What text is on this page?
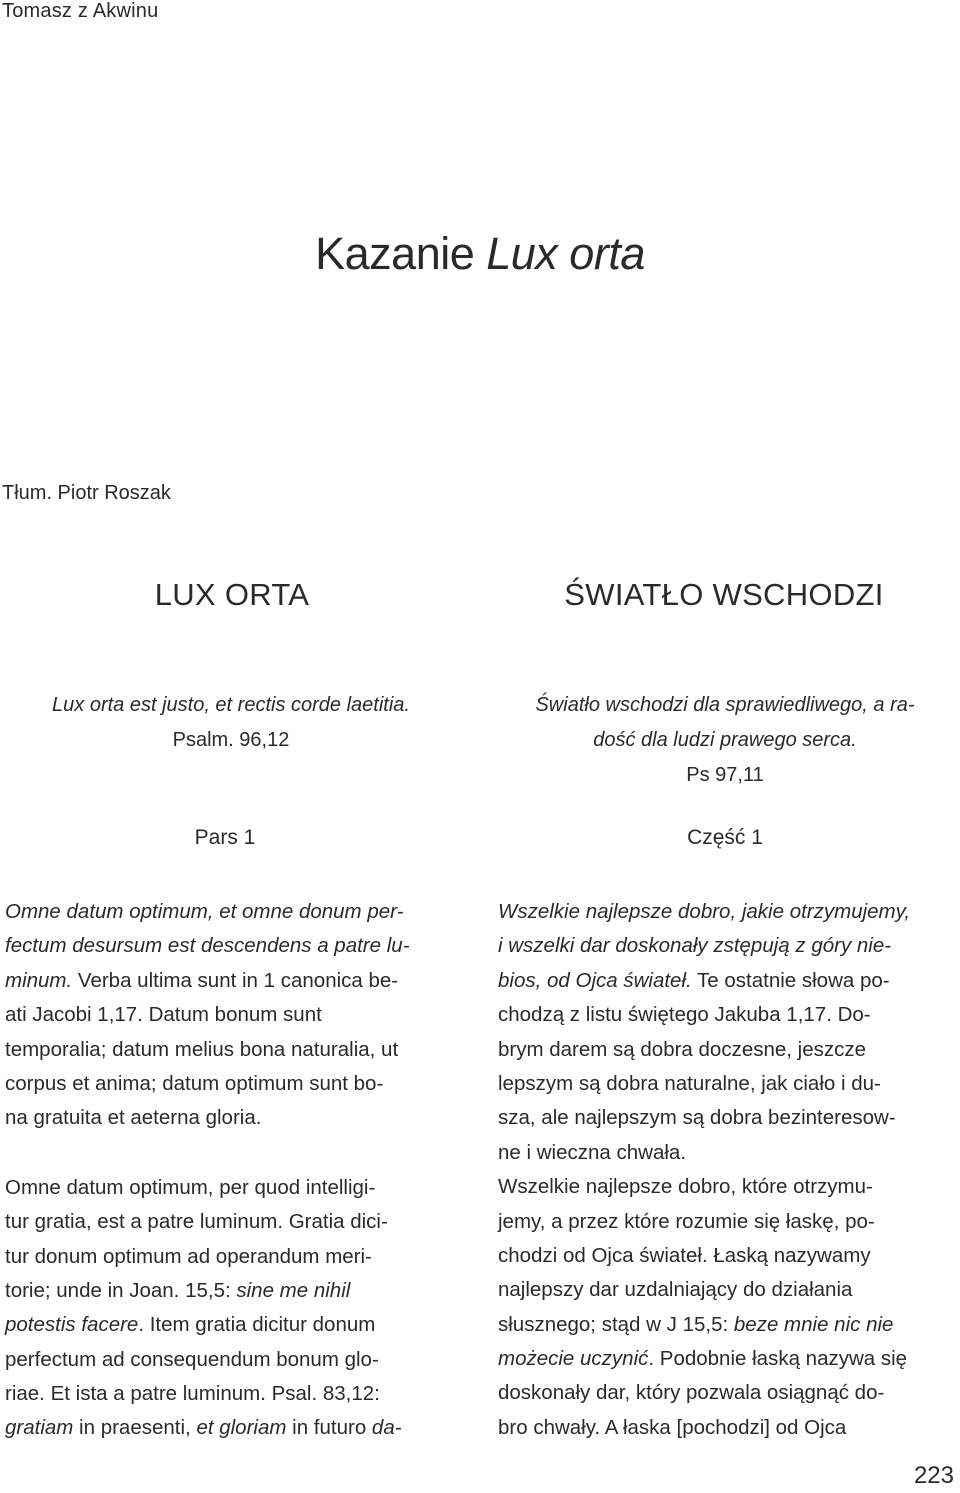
Tomasz z Akwinu
Kazanie Lux orta
Tłum. Piotr Roszak
LUX ORTA	ŚWIATŁO WSCHODZI
Lux orta est justo, et rectis corde laetitia.
Psalm. 96,12
Światło wschodzi dla sprawiedliwego, a ra-
dość dla ludzi prawego serca.
Ps 97,11
Pars 1	Część 1
Omne datum optimum, et omne donum per-
fectum desursum est descendens a patre lu-
minum. Verba ultima sunt in 1 canonica be-
ati Jacobi 1,17. Datum bonum sunt
temporalia; datum melius bona naturalia, ut
corpus et anima; datum optimum sunt bo-
na gratuita et aeterna gloria.
Omne datum optimum, per quod intelligi-
tur gratia, est a patre luminum. Gratia dici-
tur donum optimum ad operandum meri-
torie; unde in Joan. 15,5: sine me nihil
potestis facere. Item gratia dicitur donum
perfectum ad consequendum bonum glo-
riae. Et ista a patre luminum. Psal. 83,12:
gratiam in praesenti, et gloriam in futuro da-
Wszelkie najlepsze dobro, jakie otrzymujemy,
i wszelki dar doskonały zstępują z góry nie-
bios, od Ojca świateł. Te ostatnie słowa po-
chodzą z listu świętego Jakuba 1,17. Do-
brym darem są dobra doczesne, jeszcze
lepszym są dobra naturalne, jak ciało i du-
sza, ale najlepszym są dobra bezinteresow-
ne i wieczna chwała.
Wszelkie najlepsze dobro, które otrzymu-
jemy, a przez które rozumie się łaskę, po-
chodzi od Ojca świateł. Łaską nazywamy
najlepszy dar uzdalniający do działania
słusznego; stąd w J 15,5: beze mnie nic nie
możecie uczynić. Podobnie łaską nazywa się
doskonały dar, który pozwala osiągnąć do-
bro chwały. A łaska [pochodzi] od Ojca
223
